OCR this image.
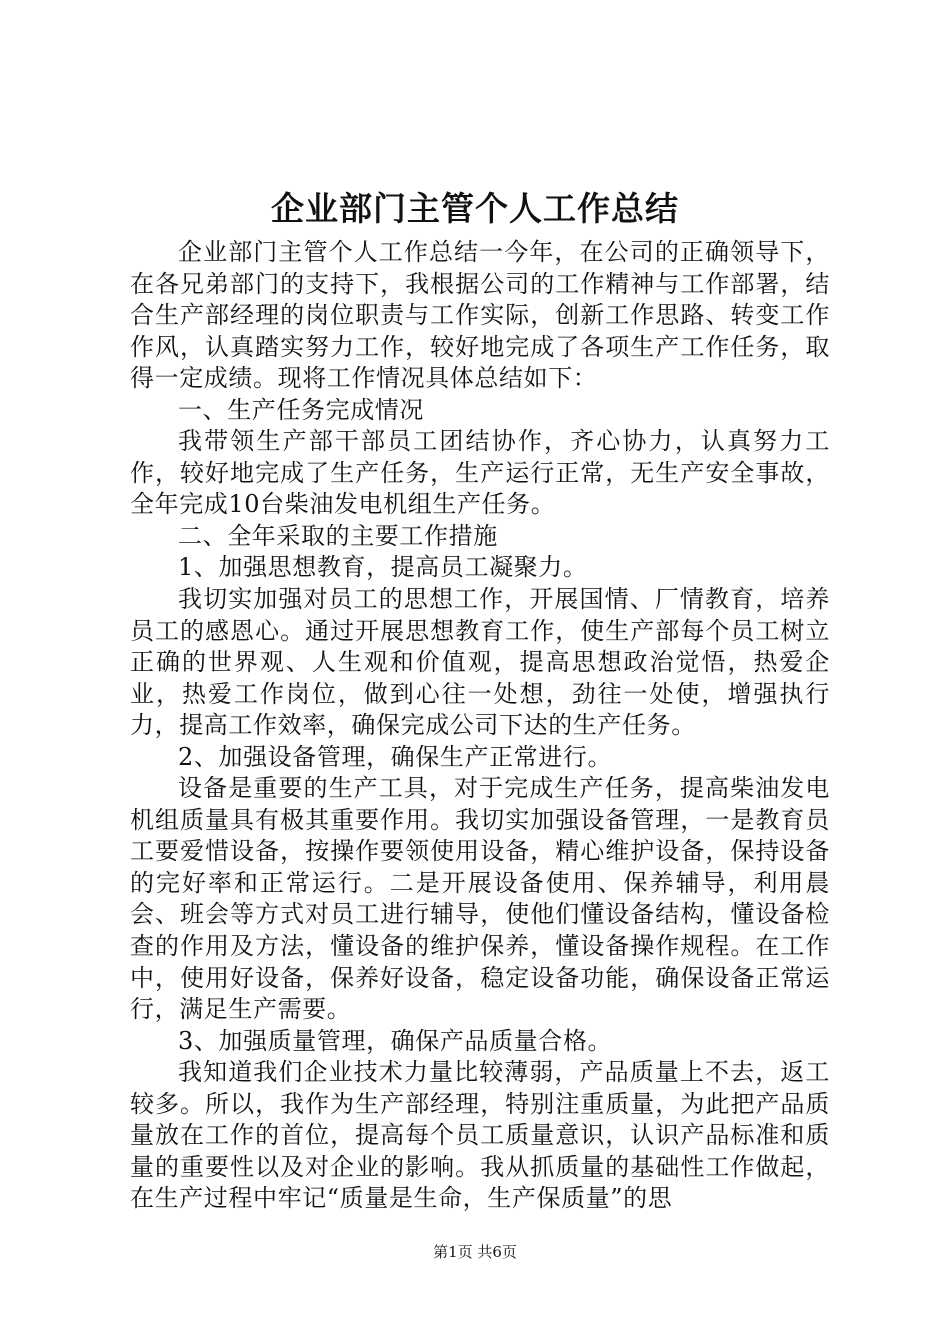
企业部门主管个人工作总结

企业部门主管个人工作总结一今年，在公司的正确领导下，在各兄弟部门的支持下，我根据公司的工作精神与工作部署，结合生产部经理的岗位职责与工作实际，创新工作思路、转变工作作风，认真踏实努力工作，较好地完成了各项生产工作任务，取得一定成绩。现将工作情况具体总结如下：

一、生产任务完成情况

我带领生产部干部员工团结协作，齐心协力，认真努力工作，较好地完成了生产任务，生产运行正常，无生产安全事故，全年完成10台柴油发电机组生产任务。

二、全年采取的主要工作措施

1、加强思想教育，提高员工凝聚力。

我切实加强对员工的思想工作，开展国情、厂情教育，培养员工的感恩心。通过开展思想教育工作，使生产部每个员工树立正确的世界观、人生观和价值观，提高思想政治觉悟，热爱企业，热爱工作岗位，做到心往一处想，劲往一处使，增强执行力，提高工作效率，确保完成公司下达的生产任务。

2、加强设备管理，确保生产正常进行。

设备是重要的生产工具，对于完成生产任务，提高柴油发电机组质量具有极其重要作用。我切实加强设备管理，一是教育员工要爱惜设备，按操作要领使用设备，精心维护设备，保持设备的完好率和正常运行。二是开展设备使用、保养辅导，利用晨会、班会等方式对员工进行辅导，使他们懂设备结构，懂设备检查的作用及方法，懂设备的维护保养，懂设备操作规程。在工作中，使用好设备，保养好设备，稳定设备功能，确保设备正常运行，满足生产需要。

3、加强质量管理，确保产品质量合格。

我知道我们企业技术力量比较薄弱，产品质量上不去，返工较多。所以，我作为生产部经理，特别注重质量，为此把产品质量放在工作的首位，提高每个员工质量意识，认识产品标准和质量的重要性以及对企业的影响。我从抓质量的基础性工作做起，在生产过程中牢记“质量是生命，生产保质量”的思

第1页 共6页
